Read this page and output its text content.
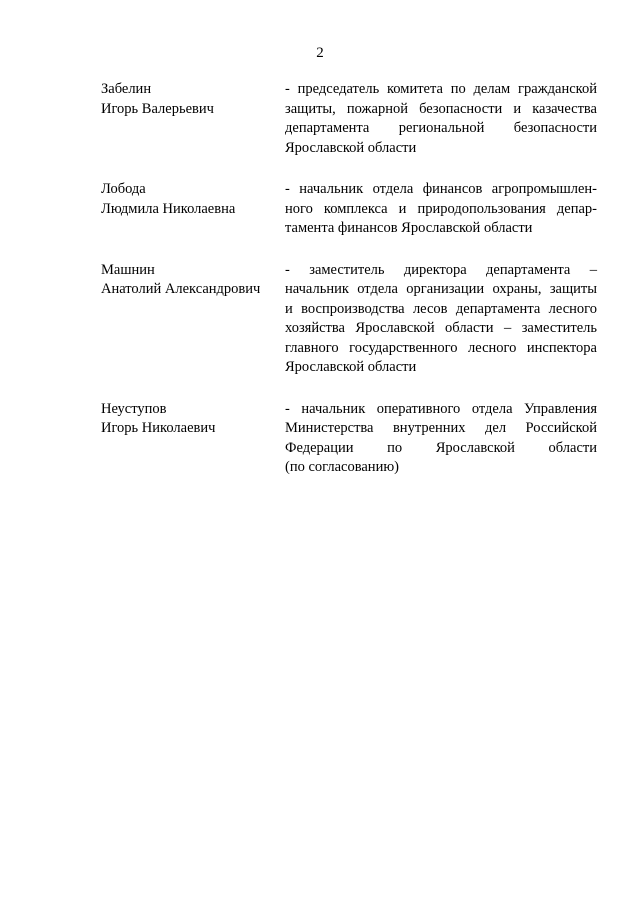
2
Забелин
Игорь Валерьевич
- председатель комитета по делам гражданской
защиты, пожарной безопасности и казачества
департамента региональной безопасности
Ярославской области
Лобода
Людмила Николаевна
- начальник отдела финансов агропромышлен-
ного комплекса и природопользования депар-
тамента финансов Ярославской области
Машнин
Анатолий Александрович
- заместитель директора департамента –
начальник отдела организации охраны, защиты
и воспроизводства лесов департамента лесного
хозяйства Ярославской области – заместитель
главного государственного лесного инспектора
Ярославской области
Неуступов
Игорь Николаевич
- начальник оперативного отдела Управления
Министерства внутренних дел Российской
Федерации по Ярославской области
(по согласованию)
